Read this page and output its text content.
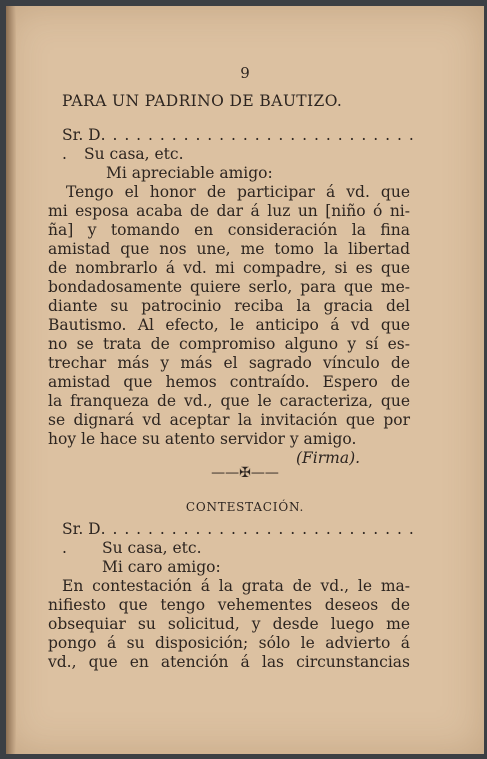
9
PARA UN PADRINO DE BAUTIZO.
Sr. D. . . . . . . . . . . . . . . . . . . . . . . . . . . .	Su casa, etc.
Mi apreciable amigo:
Tengo el honor de participar á vd. que
mi esposa acaba de dar á luz un [niño ó ni-
ña] y tomando en consideración la fina
amistad que nos une, me tomo la libertad
de nombrarlo á vd. mi compadre, si es que
bondadosamente quiere serlo, para que me-
diante su patrocinio reciba la gracia del
Bautismo. Al efecto, le anticipo á vd que
no se trata de compromiso alguno y sí es-
trechar más y más el sagrado vínculo de
amistad que hemos contraído. Espero de
la franqueza de vd., que le caracteriza, que
se dignará vd aceptar la invitación que por
hoy le hace su atento servidor y amigo.
(Firma).
——✠——
CONTESTACIÓN.
Sr. D. . . . . . . . . . . . . . . . . . . . . . . . . . . .	Su casa, etc.
Mi caro amigo:
En contestación á la grata de vd., le ma-
nifiesto que tengo vehementes deseos de
obsequiar su solicitud, y desde luego me
pongo á su disposición; sólo le advierto á
vd., que en atención á las circunstancias
